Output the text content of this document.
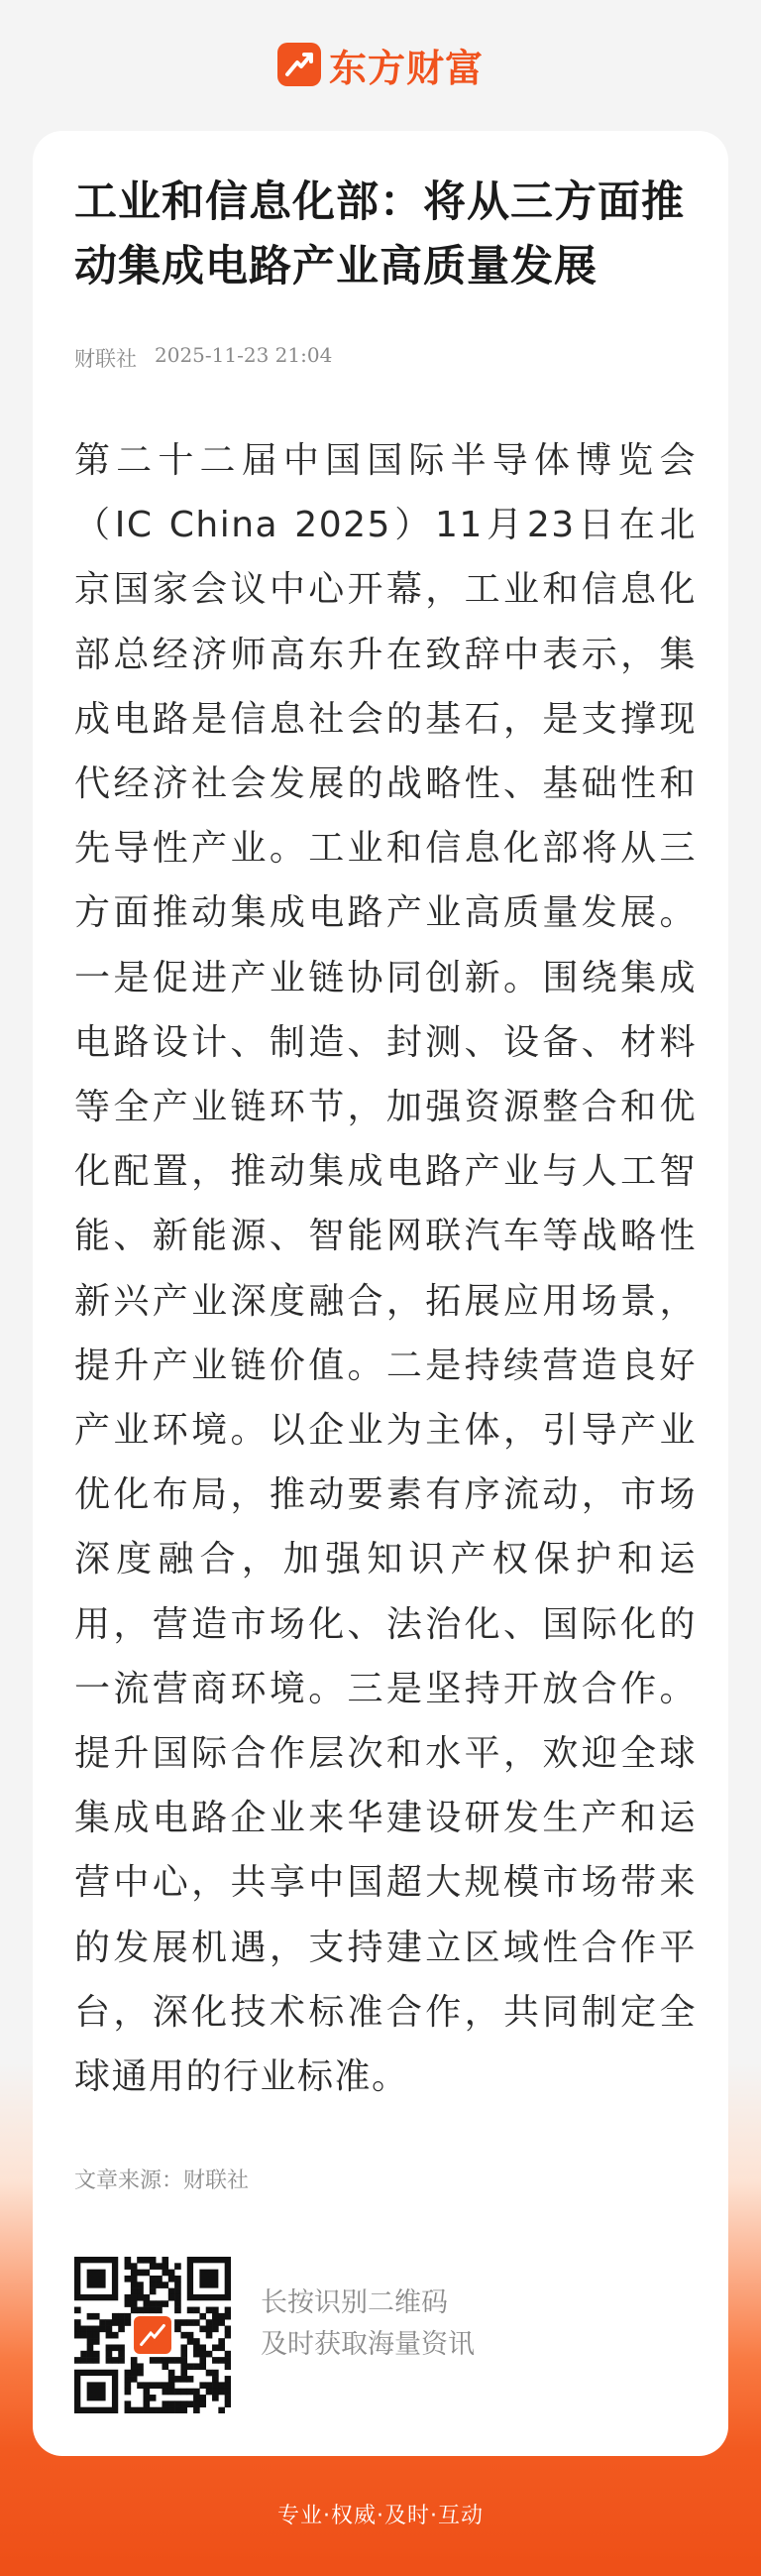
东方财富
工业和信息化部：将从三方面推动集成电路产业高质量发展
财联社 2025-11-23 21:04

第二十二届中国国际半导体博览会（IC China 2025）11月23日在北京国家会议中心开幕，工业和信息化部总经济师高东升在致辞中表示，集成电路是信息社会的基石，是支撑现代经济社会发展的战略性、基础性和先导性产业。工业和信息化部将从三方面推动集成电路产业高质量发展。一是促进产业链协同创新。围绕集成电路设计、制造、封测、设备、材料等全产业链环节，加强资源整合和优化配置，推动集成电路产业与人工智能、新能源、智能网联汽车等战略性新兴产业深度融合，拓展应用场景，提升产业链价值。二是持续营造良好产业环境。以企业为主体，引导产业优化布局，推动要素有序流动，市场深度融合，加强知识产权保护和运用，营造市场化、法治化、国际化的一流营商环境。三是坚持开放合作。提升国际合作层次和水平，欢迎全球集成电路企业来华建设研发生产和运营中心，共享中国超大规模市场带来的发展机遇，支持建立区域性合作平台，深化技术标准合作，共同制定全球通用的行业标准。

文章来源：财联社
长按识别二维码
及时获取海量资讯
专业·权威·及时·互动
